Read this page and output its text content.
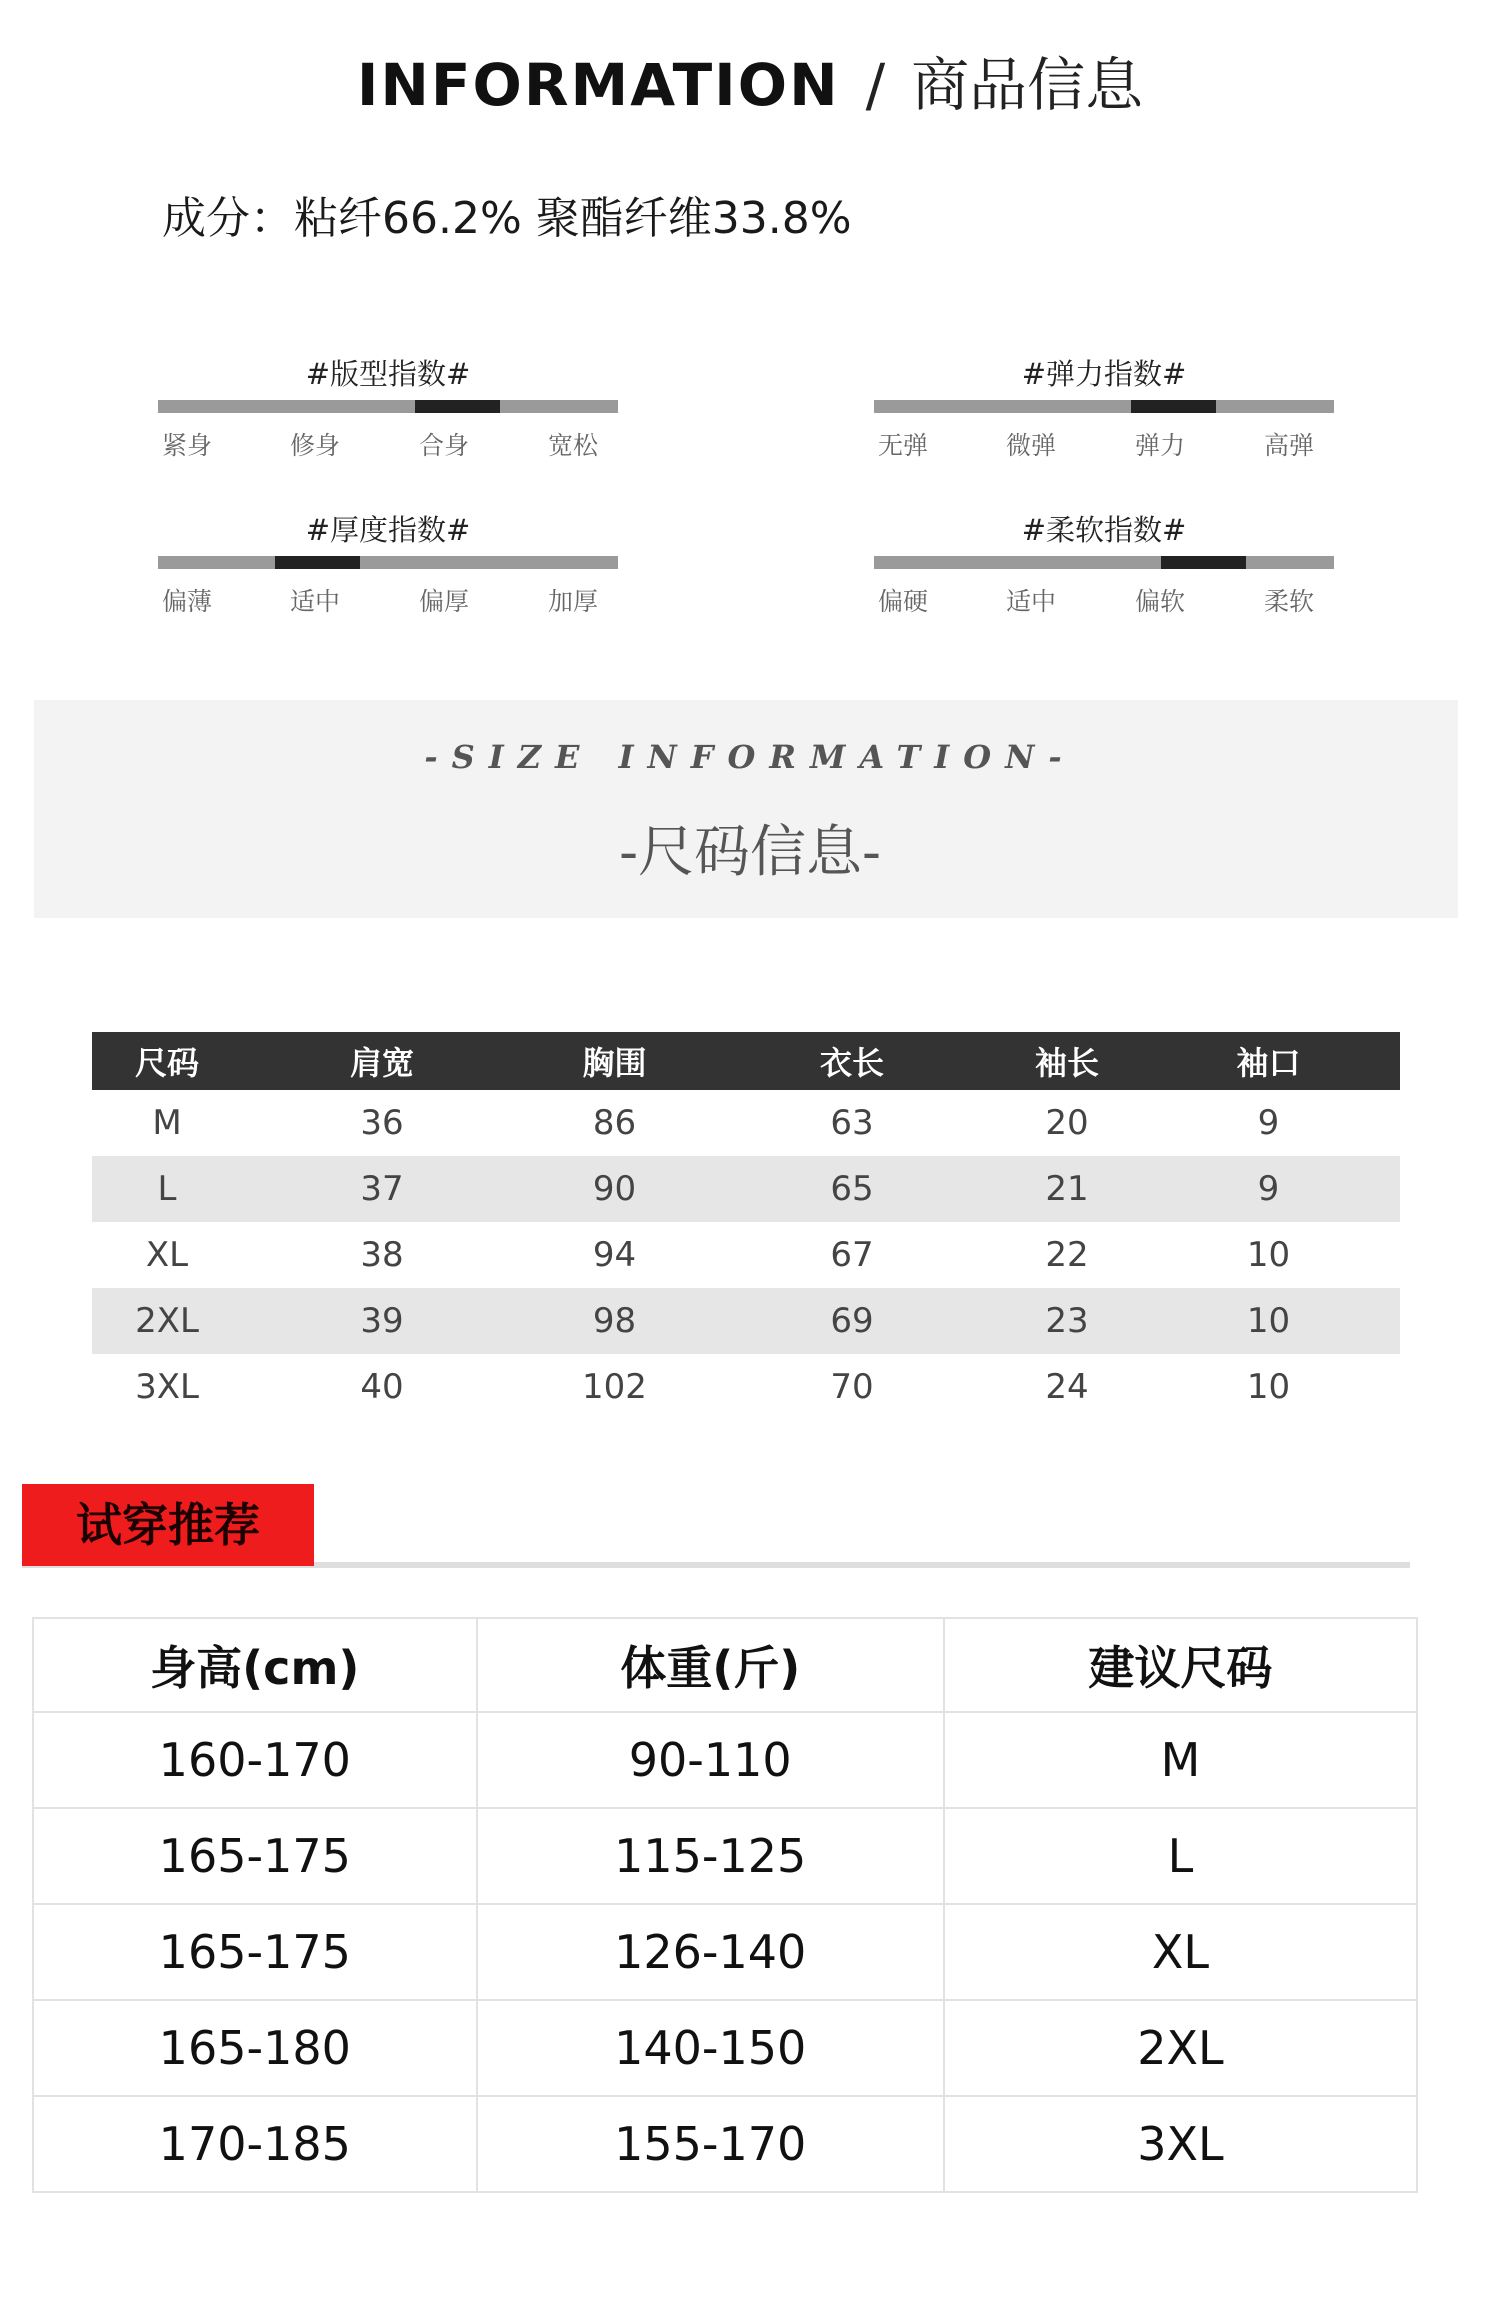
INFORMATION / 商品信息
成分：粘纤66.2% 聚酯纤维33.8%
#版型指数#
紧身	修身	合身	宽松
#弹力指数#
无弹	微弹	弹力	高弹
#厚度指数#
偏薄	适中	偏厚	加厚
#柔软指数#
偏硬	适中	偏软	柔软
-SIZE INFORMATION-
-尺码信息-
尺码	肩宽	胸围	衣长	袖长	袖口
M	36	86	63	20	9
L	37	90	65	21	9
XL	38	94	67	22	10
2XL	39	98	69	23	10
3XL	40	102	70	24	10
试穿推荐
身高(cm)	体重(斤)	建议尺码
160-170	90-110	M
165-175	115-125	L
165-175	126-140	XL
165-180	140-150	2XL
170-185	155-170	3XL
